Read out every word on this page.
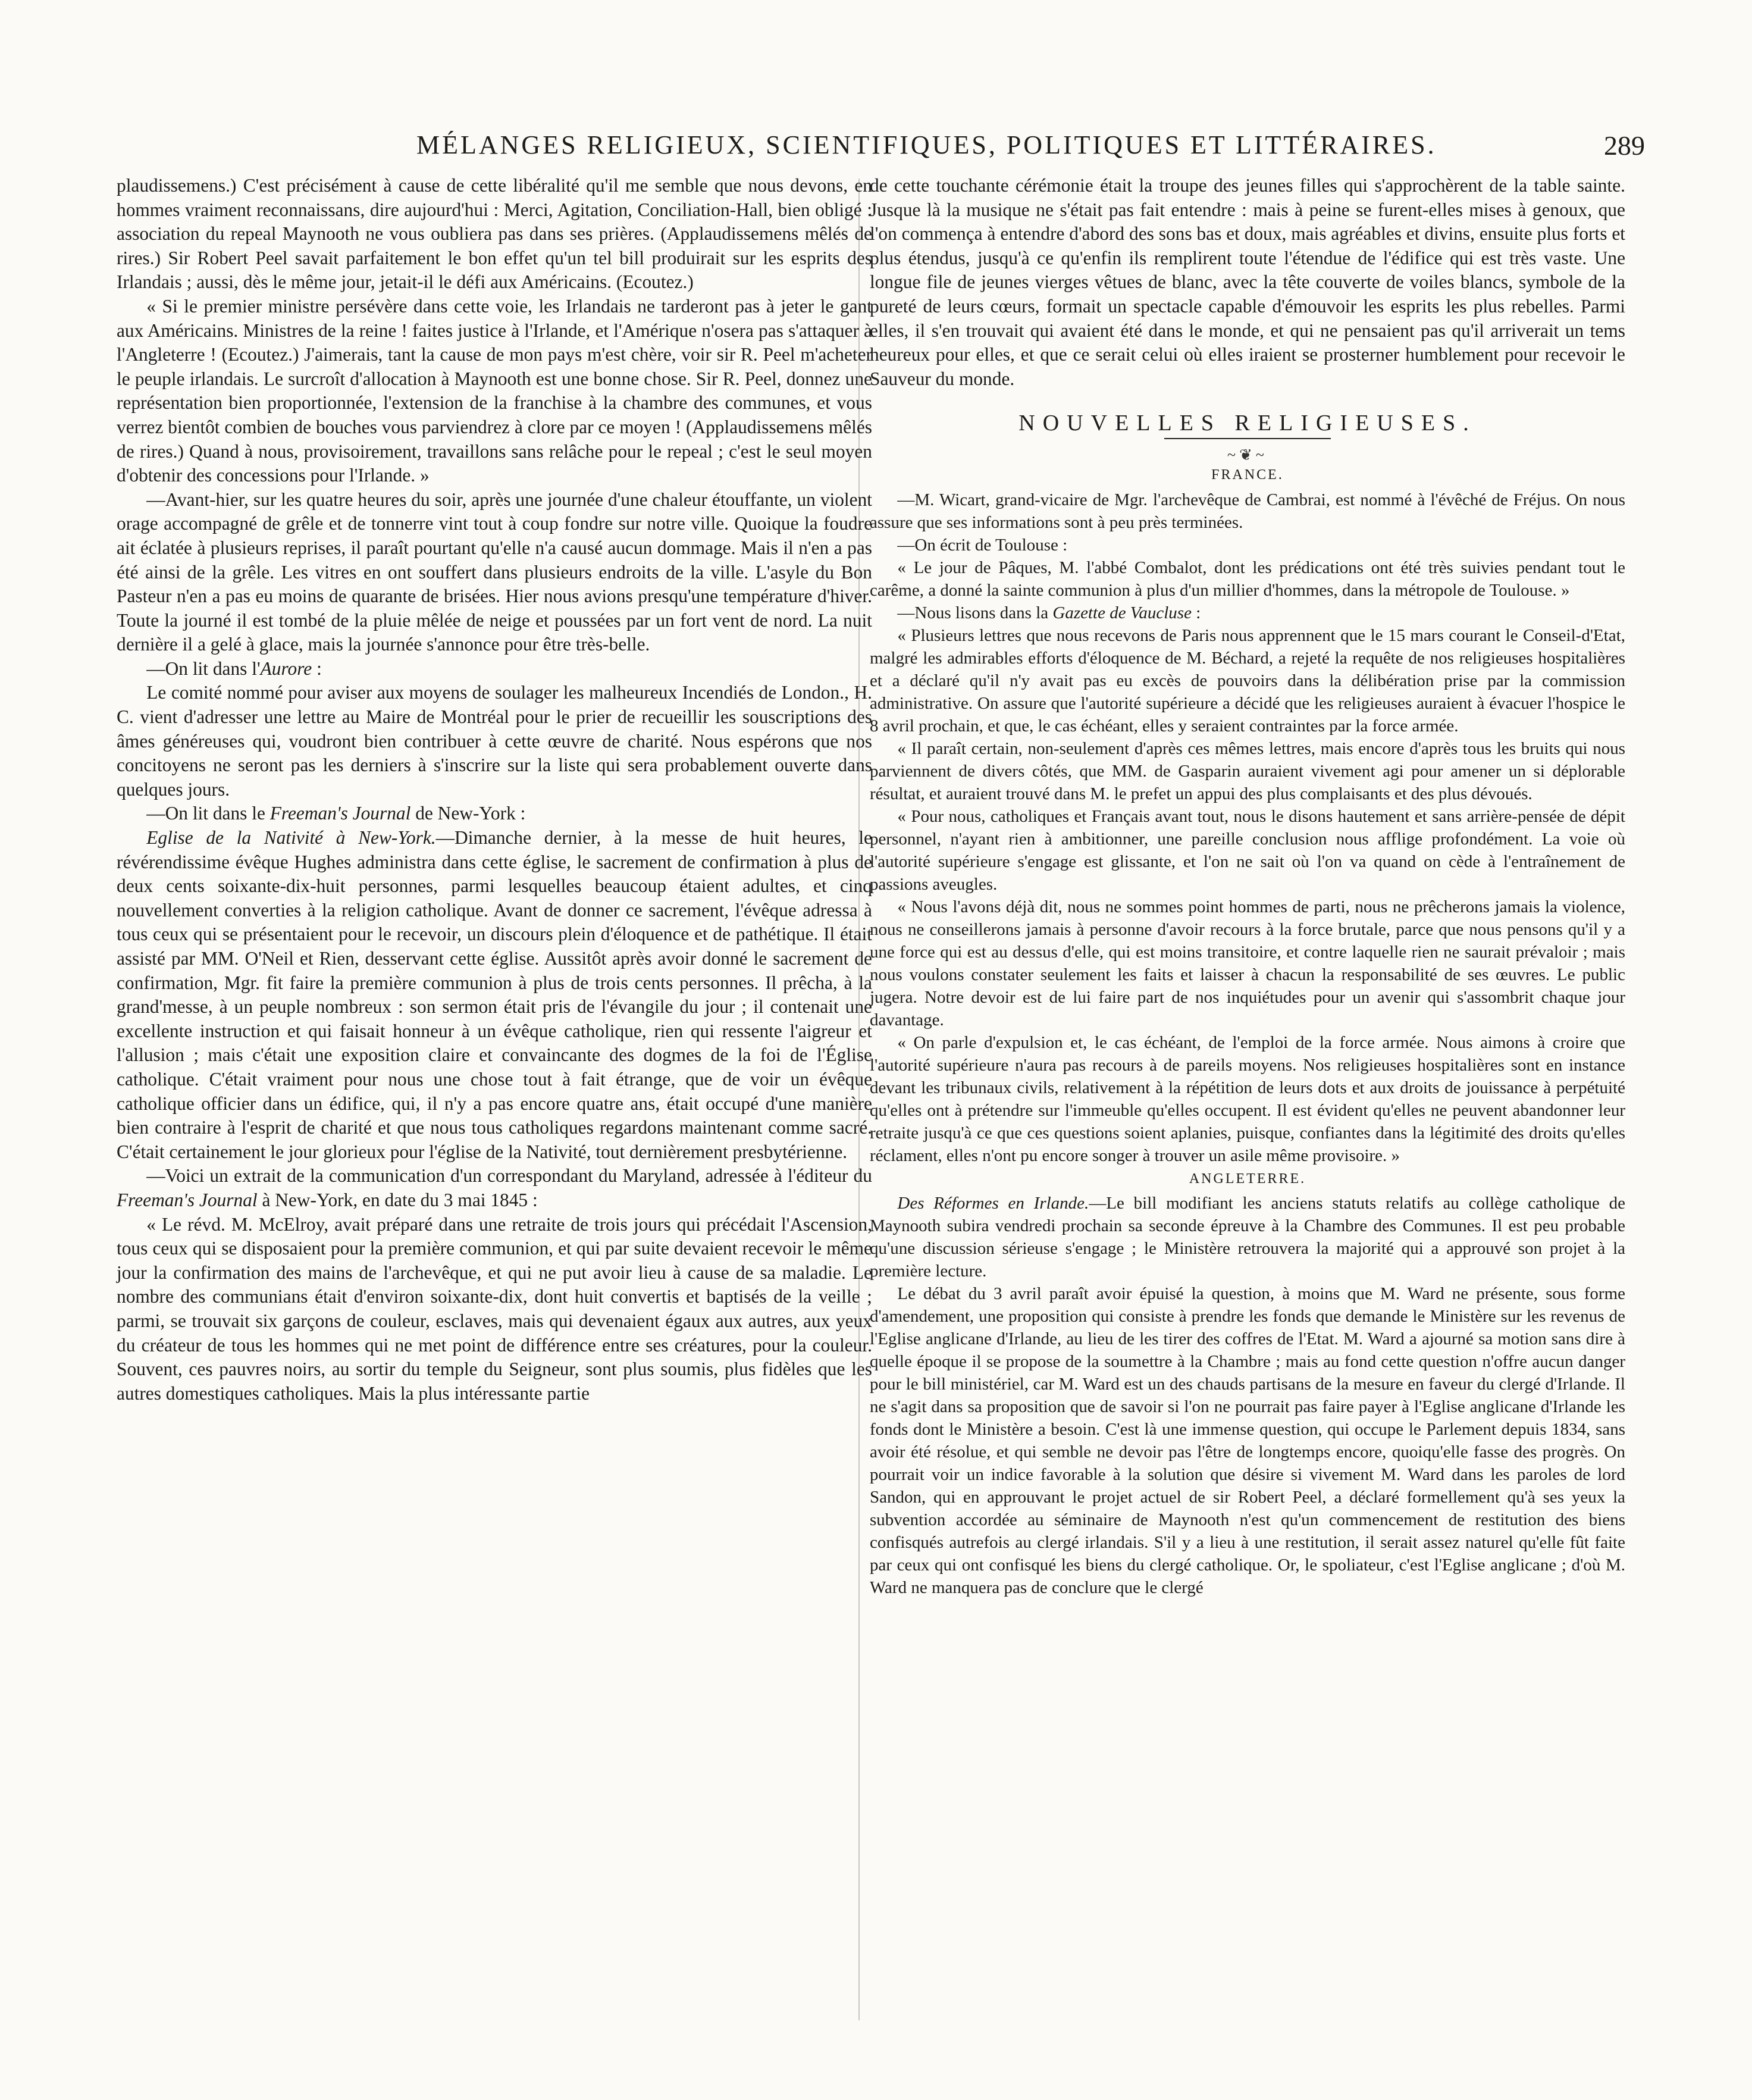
MÉLANGES RELIGIEUX, SCIENTIFIQUES, POLITIQUES ET LITTÉRAIRES.	289

plaudissemens.) C'est précisément à cause de cette libéralité qu'il me semble que nous devons, en hommes vraiment reconnaissans, dire aujourd'hui : Merci, Agitation, Conciliation-Hall, bien obligé : association du repeal Maynooth ne vous oubliera pas dans ses prières. (Applaudissemens mêlés de rires.) Sir Robert Peel savait parfaitement le bon effet qu'un tel bill produirait sur les esprits des Irlandais ; aussi, dès le même jour, jetait-il le défi aux Américains. (Ecoutez.)

« Si le premier ministre persévère dans cette voie, les Irlandais ne tarderont pas à jeter le gant aux Américains. Ministres de la reine ! faites justice à l'Irlande, et l'Amérique n'osera pas s'attaquer à l'Angleterre ! (Ecoutez.) J'aimerais, tant la cause de mon pays m'est chère, voir sir R. Peel m'acheter le peuple irlandais. Le surcroît d'allocation à Maynooth est une bonne chose. Sir R. Peel, donnez une représentation bien proportionnée, l'extension de la franchise à la chambre des communes, et vous verrez bientôt combien de bouches vous parviendrez à clore par ce moyen ! (Applaudissemens mêlés de rires.) Quand à nous, provisoirement, travaillons sans relâche pour le repeal ; c'est le seul moyen d'obtenir des concessions pour l'Irlande. »

—Avant-hier, sur les quatre heures du soir, après une journée d'une chaleur étouffante, un violent orage accompagné de grêle et de tonnerre vint tout à coup fondre sur notre ville. Quoique la foudre ait éclatée à plusieurs reprises, il paraît pourtant qu'elle n'a causé aucun dommage. Mais il n'en a pas été ainsi de la grêle. Les vitres en ont souffert dans plusieurs endroits de la ville. L'asyle du Bon Pasteur n'en a pas eu moins de quarante de brisées. Hier nous avions presqu'une température d'hiver. Toute la journé il est tombé de la pluie mêlée de neige et poussées par un fort vent de nord. La nuit dernière il a gelé à glace, mais la journée s'annonce pour être très-belle.

—On lit dans l'Aurore :

Le comité nommé pour aviser aux moyens de soulager les malheureux Incendiés de London., H. C. vient d'adresser une lettre au Maire de Montréal pour le prier de recueillir les souscriptions des âmes généreuses qui, voudront bien contribuer à cette œuvre de charité. Nous espérons que nos concitoyens ne seront pas les derniers à s'inscrire sur la liste qui sera probablement ouverte dans quelques jours.

—On lit dans le Freeman's Journal de New-York :

Eglise de la Nativité à New-York.—Dimanche dernier, à la messe de huit heures, le révérendissime évêque Hughes administra dans cette église, le sacrement de confirmation à plus de deux cents soixante-dix-huit personnes, parmi lesquelles beaucoup étaient adultes, et cinq nouvellement converties à la religion catholique. Avant de donner ce sacrement, l'évêque adressa à tous ceux qui se présentaient pour le recevoir, un discours plein d'éloquence et de pathétique. Il était assisté par MM. O'Neil et Rien, desservant cette église. Aussitôt après avoir donné le sacrement de confirmation, Mgr. fit faire la première communion à plus de trois cents personnes. Il prêcha, à la grand'messe, à un peuple nombreux : son sermon était pris de l'évangile du jour ; il contenait une excellente instruction et qui faisait honneur à un évêque catholique, rien qui ressente l'aigreur et l'allusion ; mais c'était une exposition claire et convaincante des dogmes de la foi de l'Église catholique. C'était vraiment pour nous une chose tout à fait étrange, que de voir un évêque catholique officier dans un édifice, qui, il n'y a pas encore quatre ans, était occupé d'une manière bien contraire à l'esprit de charité et que nous tous catholiques regardons maintenant comme sacré. C'était certainement le jour glorieux pour l'église de la Nativité, tout dernièrement presbytérienne.

—Voici un extrait de la communication d'un correspondant du Maryland, adressée à l'éditeur du Freeman's Journal à New-York, en date du 3 mai 1845 :

« Le révd. M. McElroy, avait préparé dans une retraite de trois jours qui précédait l'Ascension, tous ceux qui se disposaient pour la première communion, et qui par suite devaient recevoir le même jour la confirmation des mains de l'archevêque, et qui ne put avoir lieu à cause de sa maladie. Le nombre des communians était d'environ soixante-dix, dont huit convertis et baptisés de la veille ; parmi, se trouvait six garçons de couleur, esclaves, mais qui devenaient égaux aux autres, aux yeux du créateur de tous les hommes qui ne met point de différence entre ses créatures, pour la couleur. Souvent, ces pauvres noirs, au sortir du temple du Seigneur, sont plus soumis, plus fidèles que les autres domestiques catholiques. Mais la plus intéressante partie

de cette touchante cérémonie était la troupe des jeunes filles qui s'approchèrent de la table sainte. Jusque là la musique ne s'était pas fait entendre : mais à peine se furent-elles mises à genoux, que l'on commença à entendre d'abord des sons bas et doux, mais agréables et divins, ensuite plus forts et plus étendus, jusqu'à ce qu'enfin ils remplirent toute l'étendue de l'édifice qui est très vaste. Une longue file de jeunes vierges vêtues de blanc, avec la tête couverte de voiles blancs, symbole de la pureté de leurs cœurs, formait un spectacle capable d'émouvoir les esprits les plus rebelles. Parmi elles, il s'en trouvait qui avaient été dans le monde, et qui ne pensaient pas qu'il arriverait un tems heureux pour elles, et que ce serait celui où elles iraient se prosterner humblement pour recevoir le Sauveur du monde.

NOUVELLES RELIGIEUSES.
~❦~
FRANCE.

—M. Wicart, grand-vicaire de Mgr. l'archevêque de Cambrai, est nommé à l'évêché de Fréjus. On nous assure que ses informations sont à peu près terminées.

—On écrit de Toulouse :

« Le jour de Pâques, M. l'abbé Combalot, dont les prédications ont été très suivies pendant tout le carême, a donné la sainte communion à plus d'un millier d'hommes, dans la métropole de Toulouse. »

—Nous lisons dans la Gazette de Vaucluse :

« Plusieurs lettres que nous recevons de Paris nous apprennent que le 15 mars courant le Conseil-d'Etat, malgré les admirables efforts d'éloquence de M. Béchard, a rejeté la requête de nos religieuses hospitalières et a déclaré qu'il n'y avait pas eu excès de pouvoirs dans la délibération prise par la commission administrative. On assure que l'autorité supérieure a décidé que les religieuses auraient à évacuer l'hospice le 8 avril prochain, et que, le cas échéant, elles y seraient contraintes par la force armée.

« Il paraît certain, non-seulement d'après ces mêmes lettres, mais encore d'après tous les bruits qui nous parviennent de divers côtés, que MM. de Gasparin auraient vivement agi pour amener un si déplorable résultat, et auraient trouvé dans M. le prefet un appui des plus complaisants et des plus dévoués.

« Pour nous, catholiques et Français avant tout, nous le disons hautement et sans arrière-pensée de dépit personnel, n'ayant rien à ambitionner, une pareille conclusion nous afflige profondément. La voie où l'autorité supérieure s'engage est glissante, et l'on ne sait où l'on va quand on cède à l'entraînement de passions aveugles.

« Nous l'avons déjà dit, nous ne sommes point hommes de parti, nous ne prêcherons jamais la violence, nous ne conseillerons jamais à personne d'avoir recours à la force brutale, parce que nous pensons qu'il y a une force qui est au dessus d'elle, qui est moins transitoire, et contre laquelle rien ne saurait prévaloir ; mais nous voulons constater seulement les faits et laisser à chacun la responsabilité de ses œuvres. Le public jugera. Notre devoir est de lui faire part de nos inquiétudes pour un avenir qui s'assombrit chaque jour davantage.

« On parle d'expulsion et, le cas échéant, de l'emploi de la force armée. Nous aimons à croire que l'autorité supérieure n'aura pas recours à de pareils moyens. Nos religieuses hospitalières sont en instance devant les tribunaux civils, relativement à la répétition de leurs dots et aux droits de jouissance à perpétuité qu'elles ont à prétendre sur l'immeuble qu'elles occupent. Il est évident qu'elles ne peuvent abandonner leur retraite jusqu'à ce que ces questions soient aplanies, puisque, confiantes dans la légitimité des droits qu'elles réclament, elles n'ont pu encore songer à trouver un asile même provisoire. »

ANGLETERRE.

Des Réformes en Irlande.—Le bill modifiant les anciens statuts relatifs au collège catholique de Maynooth subira vendredi prochain sa seconde épreuve à la Chambre des Communes. Il est peu probable qu'une discussion sérieuse s'engage ; le Ministère retrouvera la majorité qui a approuvé son projet à la première lecture.

Le débat du 3 avril paraît avoir épuisé la question, à moins que M. Ward ne présente, sous forme d'amendement, une proposition qui consiste à prendre les fonds que demande le Ministère sur les revenus de l'Eglise anglicane d'Irlande, au lieu de les tirer des coffres de l'Etat. M. Ward a ajourné sa motion sans dire à quelle époque il se propose de la soumettre à la Chambre ; mais au fond cette question n'offre aucun danger pour le bill ministériel, car M. Ward est un des chauds partisans de la mesure en faveur du clergé d'Irlande. Il ne s'agit dans sa proposition que de savoir si l'on ne pourrait pas faire payer à l'Eglise anglicane d'Irlande les fonds dont le Ministère a besoin. C'est là une immense question, qui occupe le Parlement depuis 1834, sans avoir été résolue, et qui semble ne devoir pas l'être de longtemps encore, quoiqu'elle fasse des progrès. On pourrait voir un indice favorable à la solution que désire si vivement M. Ward dans les paroles de lord Sandon, qui en approuvant le projet actuel de sir Robert Peel, a déclaré formellement qu'à ses yeux la subvention accordée au séminaire de Maynooth n'est qu'un commencement de restitution des biens confisqués autrefois au clergé irlandais. S'il y a lieu à une restitution, il serait assez naturel qu'elle fût faite par ceux qui ont confisqué les biens du clergé catholique. Or, le spoliateur, c'est l'Eglise anglicane ; d'où M. Ward ne manquera pas de conclure que le clergé
